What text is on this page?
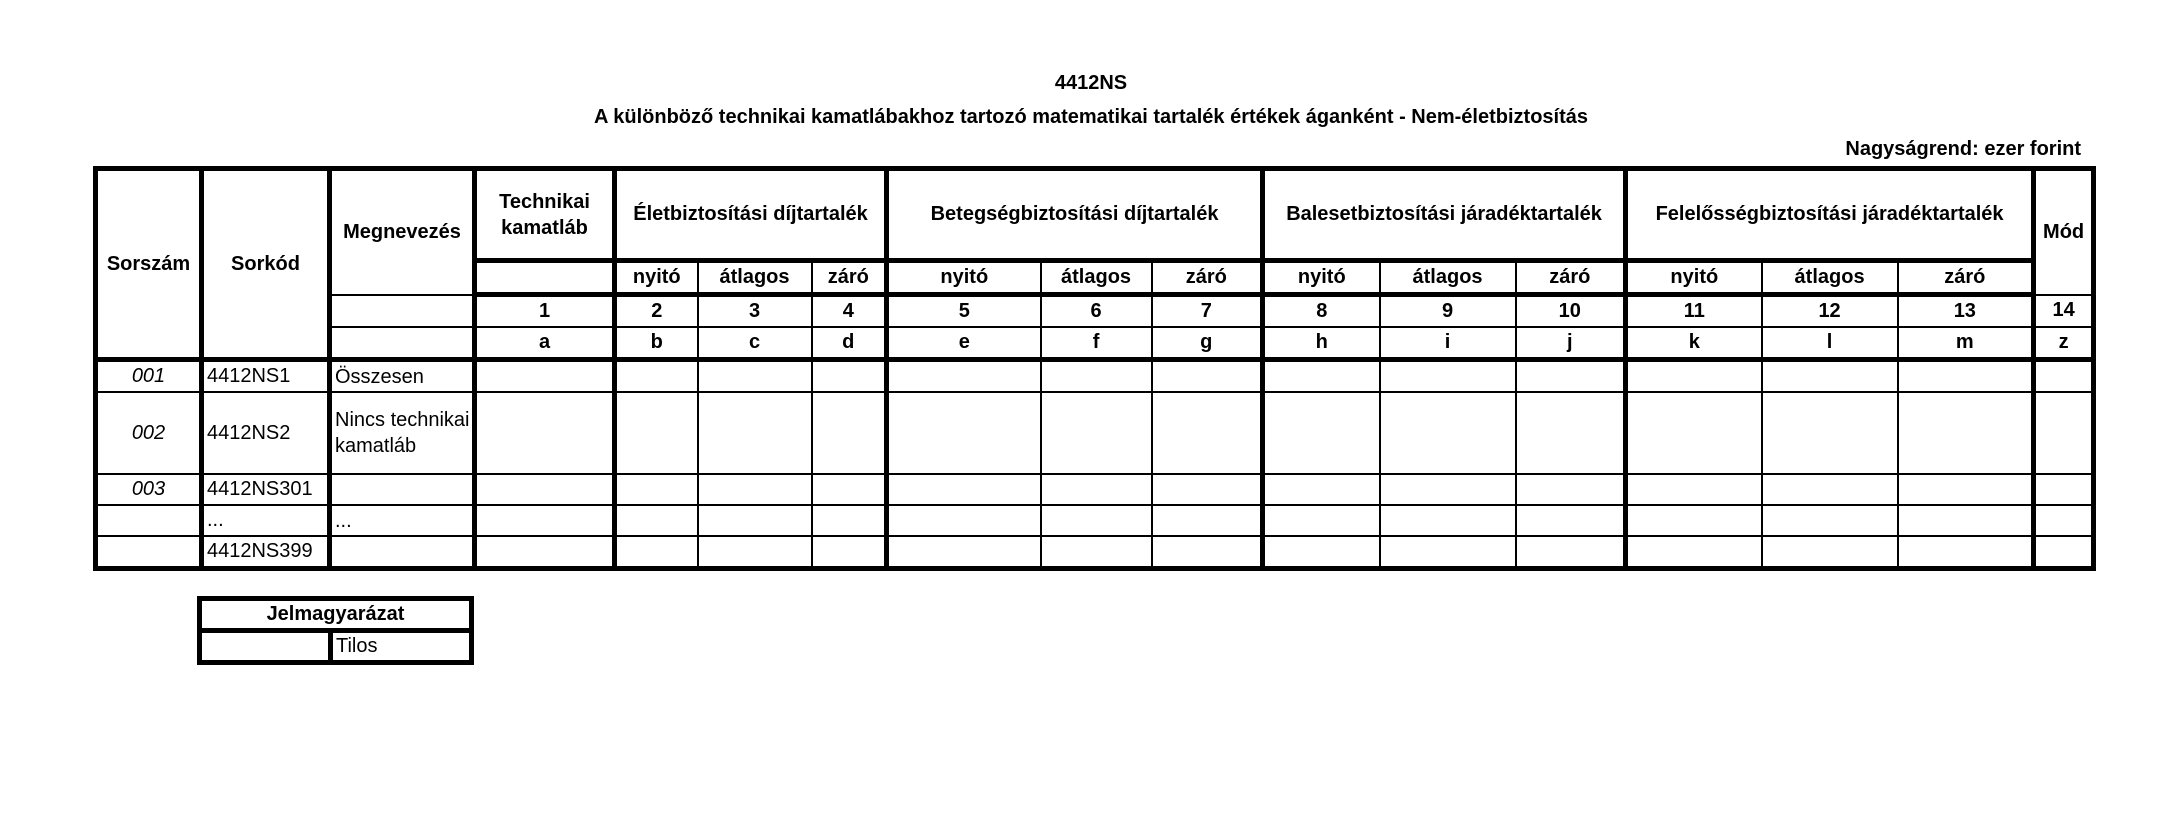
4412NS
A különböző technikai kamatlábakhoz tartozó matematikai tartalék értékek áganként - Nem-életbiztosítás
Nagyságrend: ezer forint
Sorszám	Sorkód	Megnevezés	Technikai kamatláb	Életbiztosítási díjtartalék			Betegségbiztosítási díjtartalék			Balesetbiztosítási járadéktartalék			Felelősségbiztosítási járadéktartalék			Mód
				nyitó	átlagos	záró	nyitó	átlagos	záró	nyitó	átlagos	záró	nyitó	átlagos	záró	
			1	2	3	4	5	6	7	8	9	10	11	12	13	14
			a	b	c	d	e	f	g	h	i	j	k	l	m	z
001	4412NS1	Összesen														
002	4412NS2	Nincs technikai kamatláb														
003	4412NS301															
	...	...														
	4412NS399															
Jelmagyarázat
	Tilos
